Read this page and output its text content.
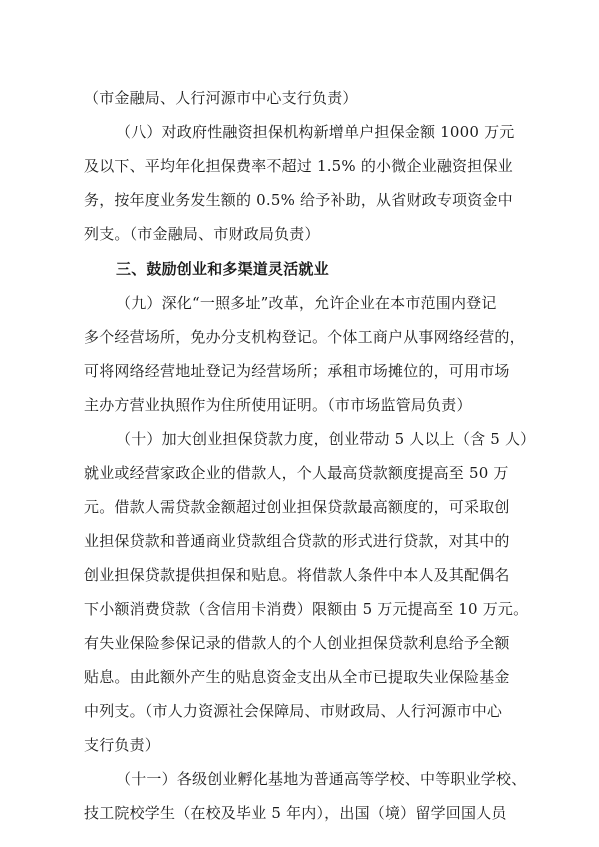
（市金融局、人行河源市中心支行负责）
（八）对政府性融资担保机构新增单户担保金额 1000 万元
及以下、平均年化担保费率不超过 1.5% 的小微企业融资担保业
务，按年度业务发生额的 0.5% 给予补助，从省财政专项资金中
列支。（市金融局、市财政局负责）
三、鼓励创业和多渠道灵活就业
（九）深化“一照多址”改革，允许企业在本市范围内登记
多个经营场所，免办分支机构登记。个体工商户从事网络经营的，
可将网络经营地址登记为经营场所；承租市场摊位的，可用市场
主办方营业执照作为住所使用证明。（市市场监管局负责）
（十）加大创业担保贷款力度，创业带动 5 人以上（含 5 人）
就业或经营家政企业的借款人，个人最高贷款额度提高至 50 万
元。借款人需贷款金额超过创业担保贷款最高额度的，可采取创
业担保贷款和普通商业贷款组合贷款的形式进行贷款，对其中的
创业担保贷款提供担保和贴息。将借款人条件中本人及其配偶名
下小额消费贷款（含信用卡消费）限额由 5 万元提高至 10 万元。
有失业保险参保记录的借款人的个人创业担保贷款利息给予全额
贴息。由此额外产生的贴息资金支出从全市已提取失业保险基金
中列支。（市人力资源社会保障局、市财政局、人行河源市中心
支行负责）
（十一）各级创业孵化基地为普通高等学校、中等职业学校、
技工院校学生（在校及毕业 5 年内），出国（境）留学回国人员
